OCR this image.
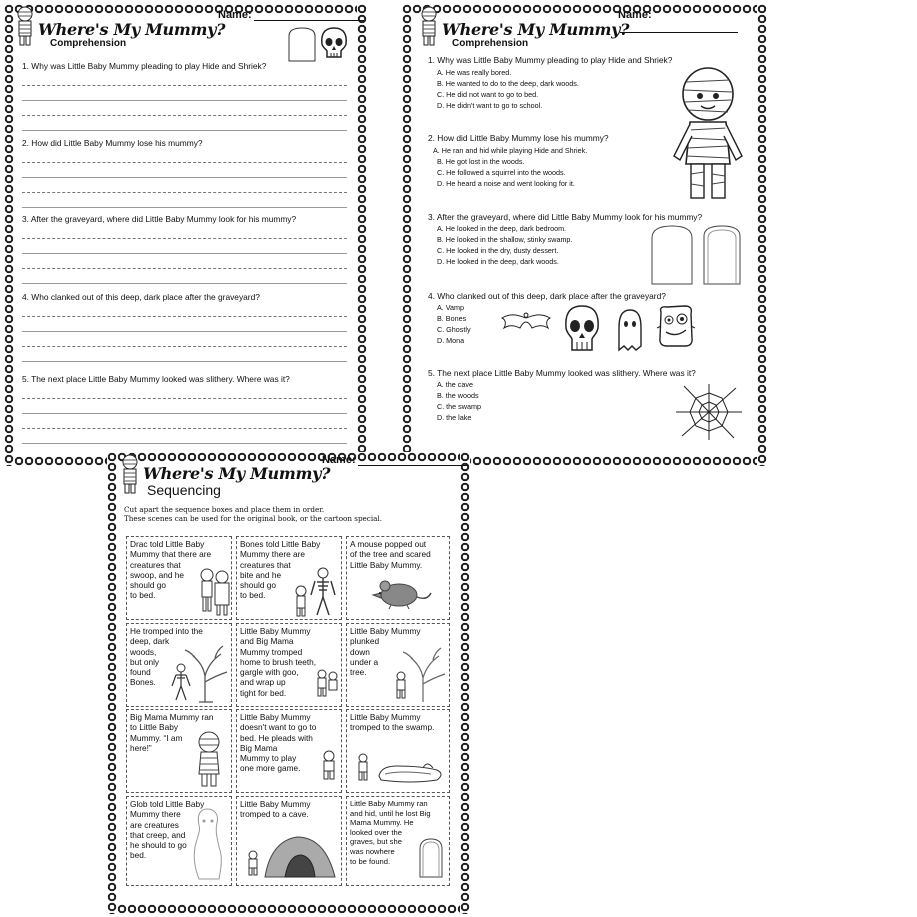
Where's My Mummy?
Comprehension
Name:
1. Why was Little Baby Mummy pleading to play Hide and Shriek?
2. How did Little Baby Mummy lose his mummy?
3. After the graveyard, where did Little Baby Mummy look for his mummy?
4. Who clanked out of this deep, dark place after the graveyard?
5. The next place Little Baby Mummy looked was slithery. Where was it?
Where's My Mummy?
Comprehension
Name:
1. Why was Little Baby Mummy pleading to play Hide and Shriek?
A. He was really bored.
B. He wanted to do to the deep, dark woods.
C. He did not want to go to bed.
D. He didn't want to go to school.
2. How did Little Baby Mummy lose his mummy?
A. He ran and hid while playing Hide and Shriek.
B. He got lost in the woods.
C. He followed a squirrel into the woods.
D. He heard a noise and went looking for it.
3. After the graveyard, where did Little Baby Mummy look for his mummy?
A. He looked in the deep, dark bedroom.
B. He looked in the shallow, stinky swamp.
C. He looked in the dry, dusty dessert.
D. He looked in the deep, dark woods.
4. Who clanked out of this deep, dark place after the graveyard?
A. Vamp
B. Bones
C. Ghostly
D. Mona
5. The next place Little Baby Mummy looked was slithery. Where was it?
A. the cave
B. the woods
C. the swamp
D. the lake
Where's My Mummy?
Sequencing
Name:
Cut apart the sequence boxes and place them in order.
These scenes can be used for the original book, or the cartoon special.
Drac told Little Baby
Mummy that there are
creatures that
swoop, and he
should go
to bed.
Bones told Little Baby
Mummy there are
creatures that
bite and he
should go
to bed.
A mouse popped out
of the tree and scared
Little Baby Mummy.
He tromped into the
deep, dark
woods,
but only
found
Bones.
Little Baby Mummy
and Big Mama
Mummy tromped
home to brush teeth,
gargle with goo,
and wrap up
tight for bed.
Little Baby Mummy
plunked
down
under a
tree.
Big Mama Mummy ran
to Little Baby
Mummy. “I am
here!”
Little Baby Mummy
doesn't want to go to
bed. He pleads with
Big Mama
Mummy to play
one more game.
Little Baby Mummy
tromped to the swamp.
Glob told Little Baby
Mummy there
are creatures
that creep, and
he should to go
bed.
Little Baby Mummy
tromped to a cave.
Little Baby Mummy ran
and hid, until he lost Big
Mama Mummy. He
looked over the
graves, but she
was nowhere
to be found.
